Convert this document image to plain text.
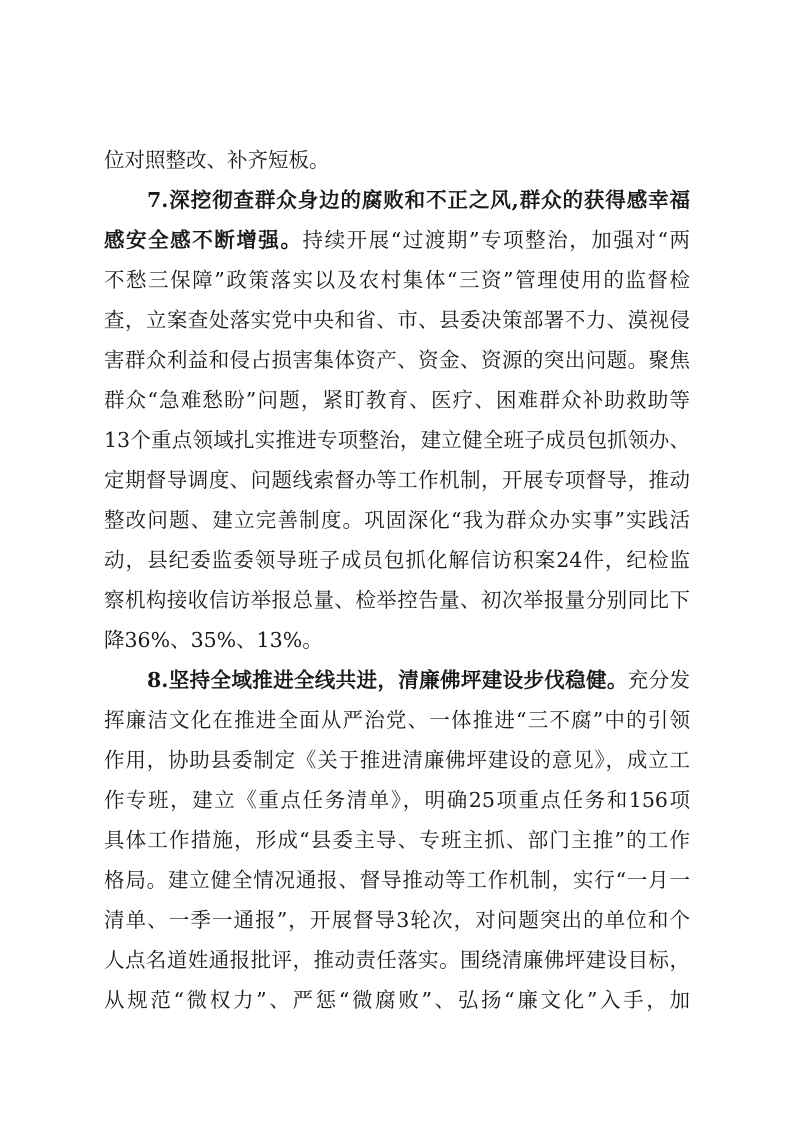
位对照整改、补齐短板。
7.深挖彻查群众身边的腐败和不正之风,群众的获得感幸福
感安全感不断增强。持续开展“过渡期”专项整治，加强对“两
不愁三保障”政策落实以及农村集体“三资”管理使用的监督检
查，立案查处落实党中央和省、市、县委决策部署不力、漠视侵
害群众利益和侵占损害集体资产、资金、资源的突出问题。聚焦
群众“急难愁盼”问题，紧盯教育、医疗、困难群众补助救助等
13个重点领域扎实推进专项整治，建立健全班子成员包抓领办、
定期督导调度、问题线索督办等工作机制，开展专项督导，推动
整改问题、建立完善制度。巩固深化“我为群众办实事”实践活
动，县纪委监委领导班子成员包抓化解信访积案24件，纪检监
察机构接收信访举报总量、检举控告量、初次举报量分别同比下
降36%、35%、13%。
8.坚持全域推进全线共进，清廉佛坪建设步伐稳健。充分发
挥廉洁文化在推进全面从严治党、一体推进“三不腐”中的引领
作用，协助县委制定《关于推进清廉佛坪建设的意见》，成立工
作专班，建立《重点任务清单》，明确25项重点任务和156项
具体工作措施，形成“县委主导、专班主抓、部门主推”的工作
格局。建立健全情况通报、督导推动等工作机制，实行“一月一
清单、一季一通报”，开展督导3轮次，对问题突出的单位和个
人点名道姓通报批评，推动责任落实。围绕清廉佛坪建设目标，
从规范“微权力”、严惩“微腐败”、弘扬“廉文化”入手，加
